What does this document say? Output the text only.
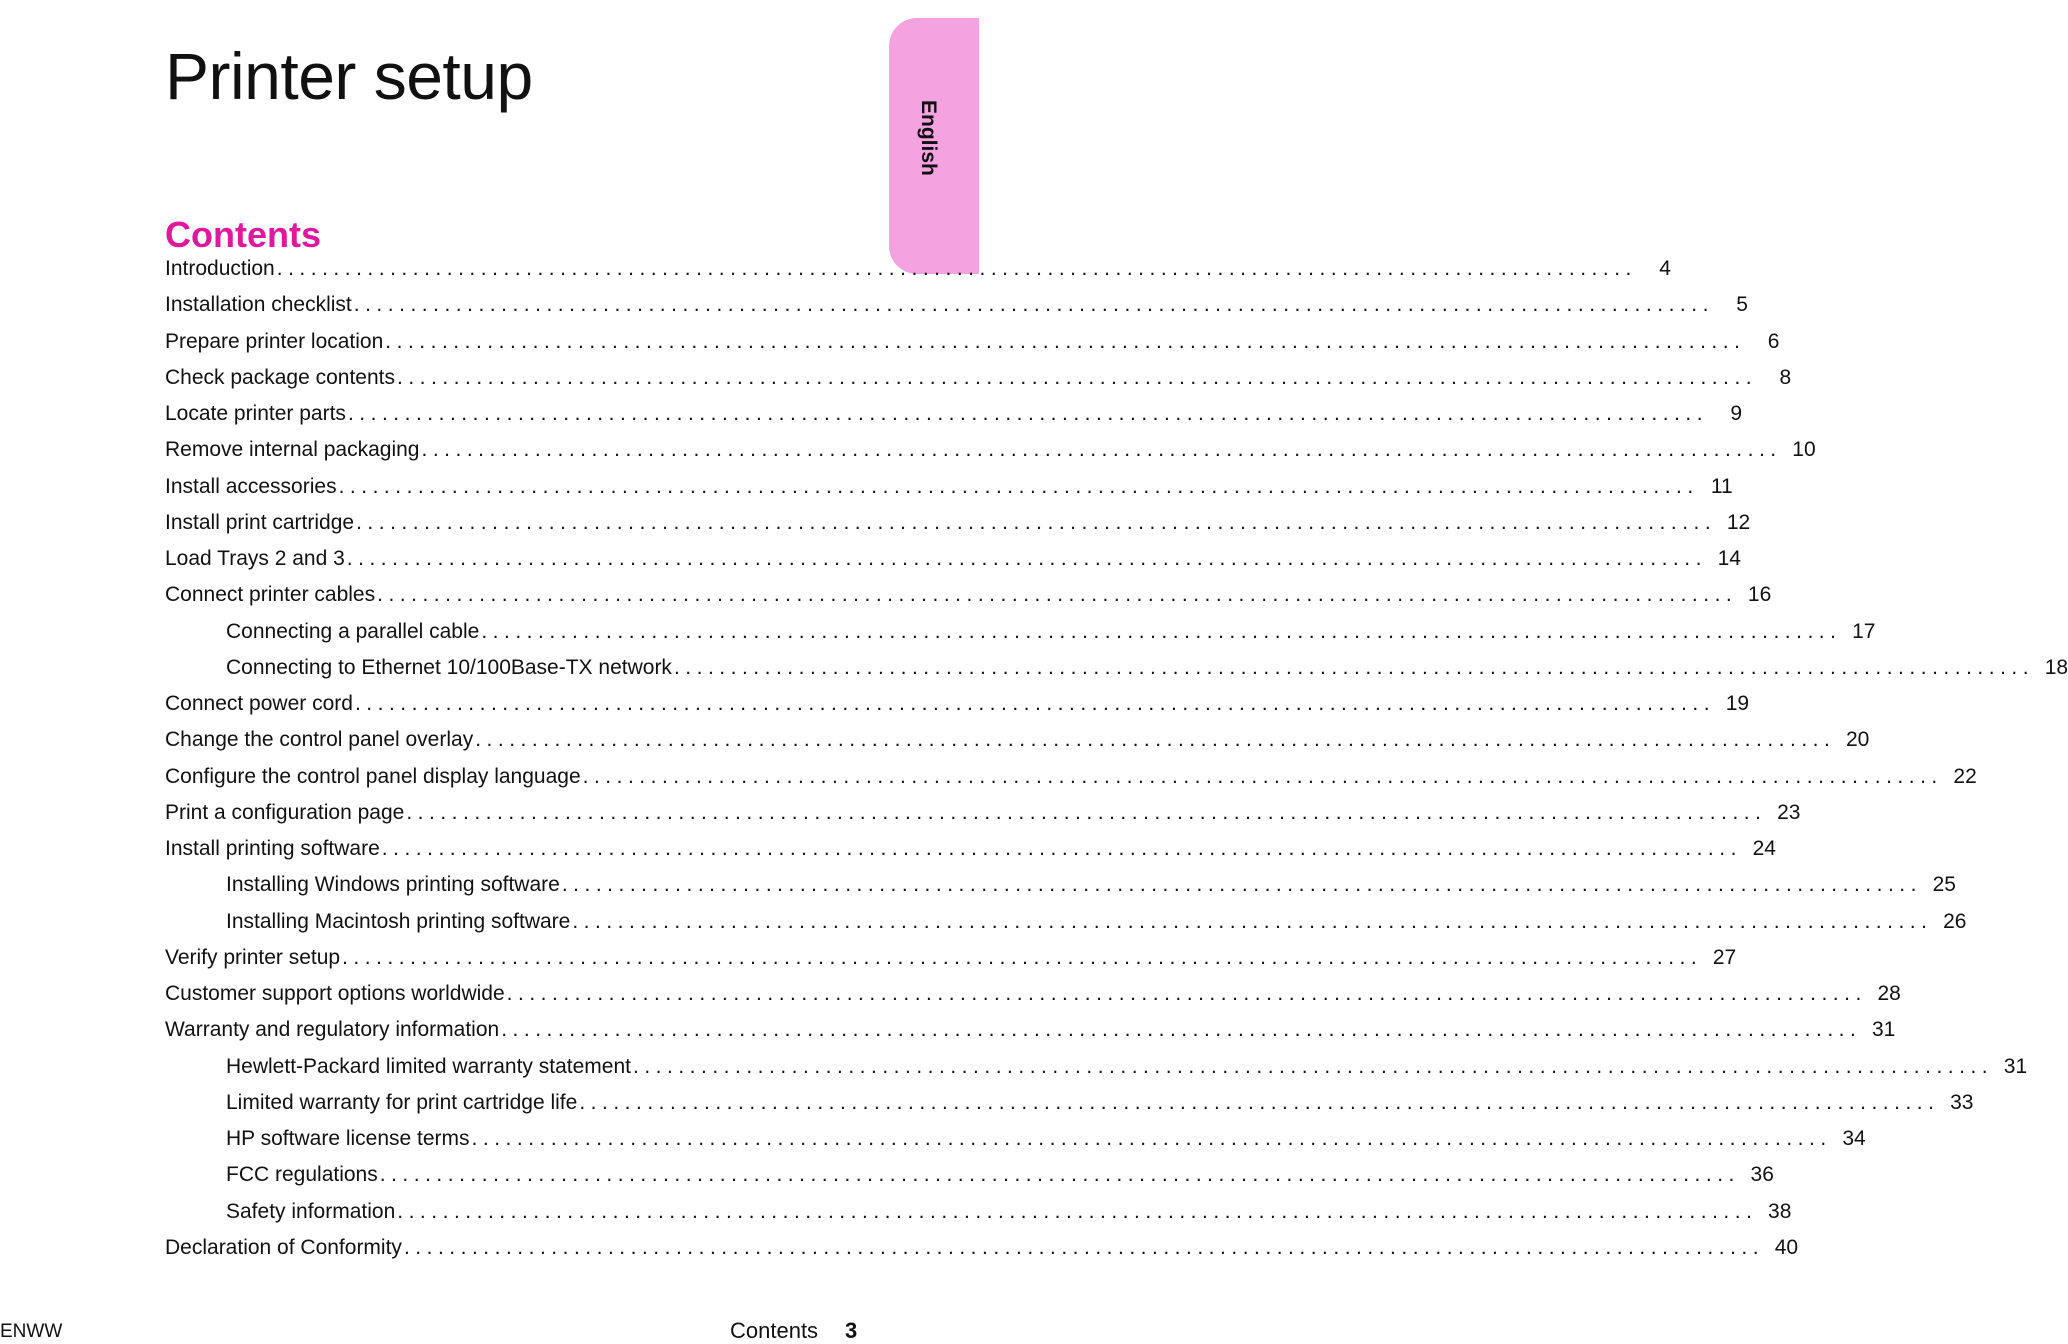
Printer setup
English
Contents
Introduction ........................................................................................................................	4
Installation checklist ........................................................................................................................	5
Prepare printer location ........................................................................................................................	6
Check package contents ........................................................................................................................	8
Locate printer parts ........................................................................................................................	9
Remove internal packaging ........................................................................................................................ 10
Install accessories ........................................................................................................................ 11
Install print cartridge ........................................................................................................................ 12
Load Trays 2 and 3 ........................................................................................................................ 14
Connect printer cables ........................................................................................................................ 16
Connecting a parallel cable ........................................................................................................................ 17
Connecting to Ethernet 10/100Base-TX network ........................................................................................................................ 18
Connect power cord ........................................................................................................................ 19
Change the control panel overlay ........................................................................................................................ 20
Configure the control panel display language ........................................................................................................................ 22
Print a configuration page ........................................................................................................................ 23
Install printing software ........................................................................................................................ 24
Installing Windows printing software ........................................................................................................................ 25
Installing Macintosh printing software ........................................................................................................................ 26
Verify printer setup ........................................................................................................................ 27
Customer support options worldwide ........................................................................................................................ 28
Warranty and regulatory information ........................................................................................................................ 31
Hewlett-Packard limited warranty statement ........................................................................................................................ 31
Limited warranty for print cartridge life ........................................................................................................................ 33
HP software license terms ........................................................................................................................ 34
FCC regulations ........................................................................................................................ 36
Safety information ........................................................................................................................ 38
Declaration of Conformity ........................................................................................................................ 40
ENWW	Contents 3
